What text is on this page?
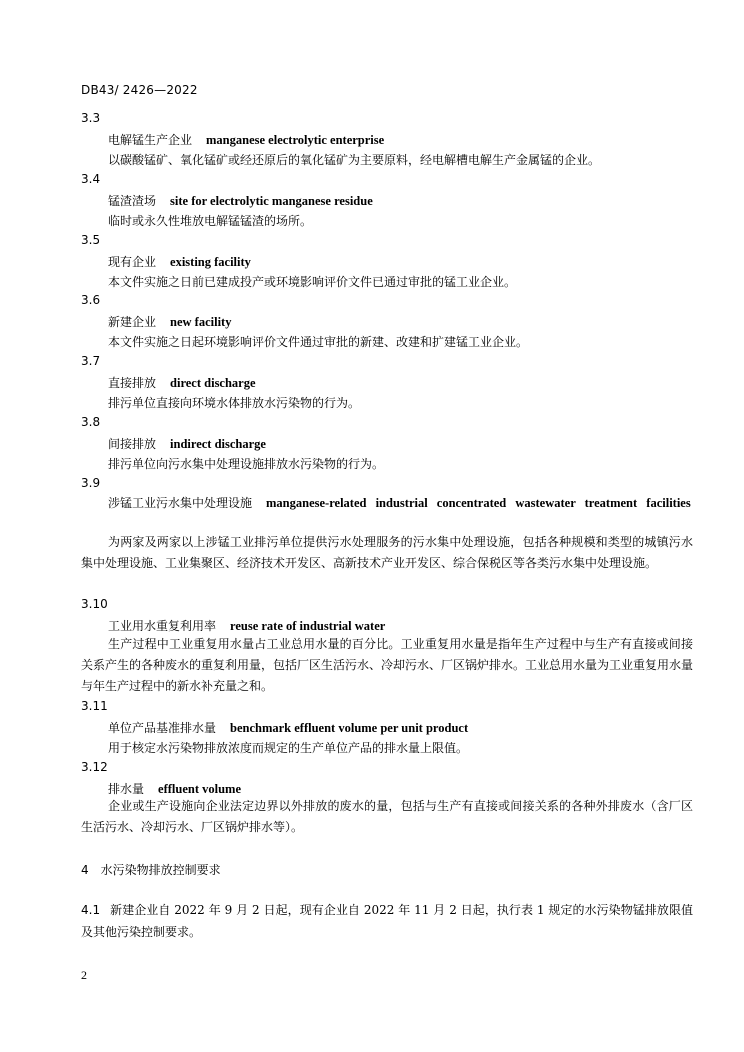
DB43/ 2426—2022
3.3
电解锰生产企业 manganese electrolytic enterprise
以碳酸锰矿、氧化锰矿或经还原后的氧化锰矿为主要原料，经电解槽电解生产金属锰的企业。
3.4
锰渣渣场 site for electrolytic manganese residue
临时或永久性堆放电解锰锰渣的场所。
3.5
现有企业 existing facility
本文件实施之日前已建成投产或环境影响评价文件已通过审批的锰工业企业。
3.6
新建企业 new facility
本文件实施之日起环境影响评价文件通过审批的新建、改建和扩建锰工业企业。
3.7
直接排放 direct discharge
排污单位直接向环境水体排放水污染物的行为。
3.8
间接排放 indirect discharge
排污单位向污水集中处理设施排放水污染物的行为。
3.9
涉锰工业污水集中处理设施 manganese-related industrial concentrated wastewater treatment facilities
为两家及两家以上涉锰工业排污单位提供污水处理服务的污水集中处理设施，包括各种规模和类型的城镇污水集中处理设施、工业集聚区、经济技术开发区、高新技术产业开发区、综合保税区等各类污水集中处理设施。
3.10
工业用水重复利用率 reuse rate of industrial water
生产过程中工业重复用水量占工业总用水量的百分比。工业重复用水量是指年生产过程中与生产有直接或间接关系产生的各种废水的重复利用量，包括厂区生活污水、冷却污水、厂区锅炉排水。工业总用水量为工业重复用水量与年生产过程中的新水补充量之和。
3.11
单位产品基准排水量 benchmark effluent volume per unit product
用于核定水污染物排放浓度而规定的生产单位产品的排水量上限值。
3.12
排水量 effluent volume
企业或生产设施向企业法定边界以外排放的废水的量，包括与生产有直接或间接关系的各种外排废水（含厂区生活污水、冷却污水、厂区锅炉排水等）。
4 水污染物排放控制要求
4.1 新建企业自 2022 年 9 月 2 日起，现有企业自 2022 年 11 月 2 日起，执行表 1 规定的水污染物锰排放限值及其他污染控制要求。
2
